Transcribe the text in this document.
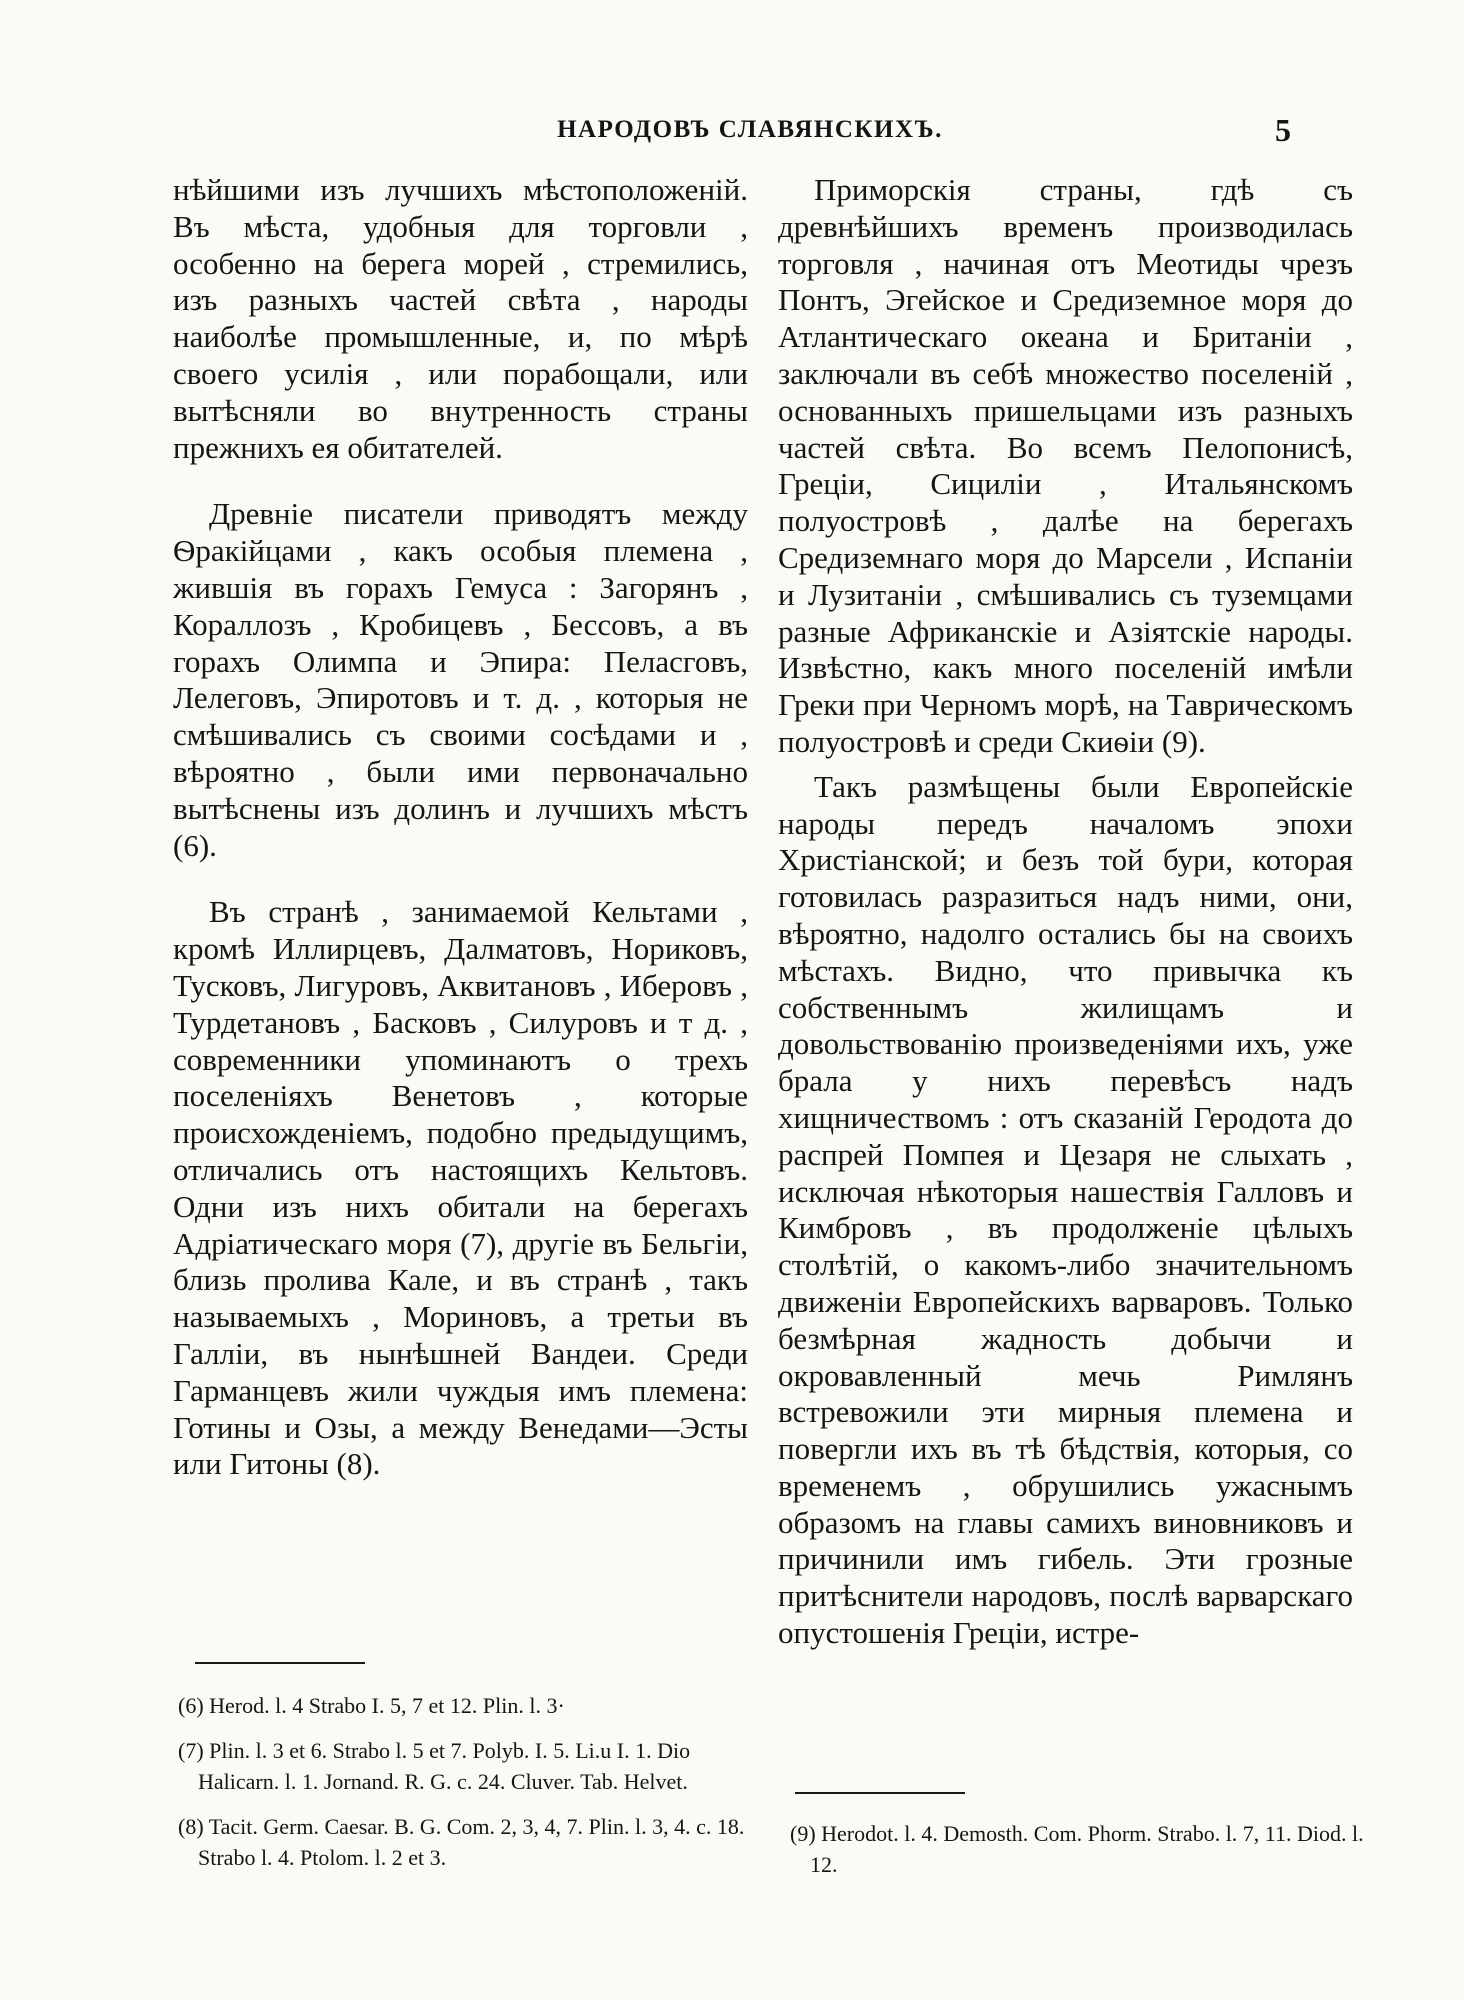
НАРОДОВЪ СЛАВЯНСКИХЪ.	5

нѣйшими изъ лучшихъ мѣстоположеній. Въ мѣста, удобныя для торговли , особенно на берега морей , стремились, изъ разныхъ частей свѣта , народы наиболѣе промышленные, и, по мѣрѣ своего усилія , или порабощали, или вытѣсняли во внутренность страны прежнихъ ея обитателей.

Древніе писатели приводятъ между Ѳракійцами , какъ особыя племена , жившія въ горахъ Гемуса : Загорянъ , Кораллозъ , Кробицевъ , Бессовъ, а въ горахъ Олимпа и Эпира: Пеласговъ, Лелеговъ, Эпиротовъ и т. д. , которыя не смѣшивались съ своими сосѣдами и , вѣроятно , были ими первоначально вытѣснены изъ долинъ и лучшихъ мѣстъ (6).

Въ странѣ , занимаемой Кельтами , кромѣ Иллирцевъ, Далматовъ, Нориковъ, Тусковъ, Лигуровъ, Аквитановъ , Иберовъ , Турдетановъ , Басковъ , Силуровъ и т д. , современники упоминаютъ о трехъ поселеніяхъ Венетовъ , которые происхожденіемъ, подобно предыдущимъ, отличались отъ настоящихъ Кельтовъ. Одни изъ нихъ обитали на берегахъ Адріатическаго моря (7), другіе въ Бельгіи, близь пролива Кале, и въ странѣ , такъ называемыхъ , Мориновъ, а третьи въ Галліи, въ нынѣшней Вандеи. Среди Гарманцевъ жили чуждыя имъ племена: Готины и Озы, а между Венедами—Эсты или Гитоны (8).

(6) Herod. l. 4 Strabo I. 5, 7 et 12. Plin. l. 3·

(7) Plin. l. 3 et 6. Strabo l. 5 et 7. Polyb. I. 5. Li.u I. 1. Dio Halicarn. l. 1. Jornand. R. G. c. 24. Cluver. Tab. Helvet.

(8) Tacit. Germ. Caesar. B. G. Com. 2, 3, 4, 7. Plin. l. 3, 4. c. 18. Strabo l. 4. Ptolom. l. 2 et 3.

Приморскія страны, гдѣ съ древнѣйшихъ временъ производилась торговля , начиная отъ Меотиды чрезъ Понтъ, Эгейское и Средиземное моря до Атлантическаго океана и Британіи , заключали въ себѣ множество поселеній , основанныхъ пришельцами изъ разныхъ частей свѣта. Во всемъ Пелопонисѣ, Греціи, Сициліи , Итальянскомъ полуостровѣ , далѣе на берегахъ Средиземнаго моря до Марсели , Испаніи и Лузитаніи , смѣшивались съ туземцами разные Африканскіе и Азіятскіе народы. Извѣстно, какъ много поселеній имѣли Греки при Черномъ морѣ, на Таврическомъ полуостровѣ и среди Скиѳіи (9).

Такъ размѣщены были Европейскіе народы передъ началомъ эпохи Христіанской; и безъ той бури, которая готовилась разразиться надъ ними, они, вѣроятно, надолго остались бы на своихъ мѣстахъ. Видно, что привычка къ собственнымъ жилищамъ и довольствованію произведеніями ихъ, уже брала у нихъ перевѣсъ надъ хищничествомъ : отъ сказаній Геродота до распрей Помпея и Цезаря не слыхать , исключая нѣкоторыя нашествія Галловъ и Кимбровъ , въ продолженіе цѣлыхъ столѣтій, о какомъ-либо значительномъ движеніи Европейскихъ варваровъ. Только безмѣрная жадность добычи и окровавленный мечь Римлянъ встревожили эти мирныя племена и повергли ихъ въ тѣ бѣдствія, которыя, со временемъ , обрушились ужаснымъ образомъ на главы самихъ виновниковъ и причинили имъ гибель. Эти грозные притѣснители народовъ, послѣ варварскаго опустошенія Греціи, истре-

(9) Herodot. l. 4. Demosth. Com. Phorm. Strabo. l. 7, 11. Diod. l. 12.
